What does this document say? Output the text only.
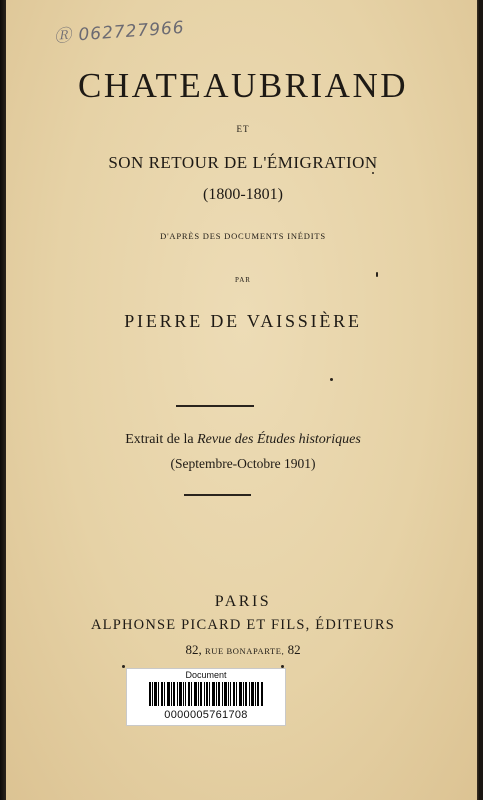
Ⓡ 062727966
CHATEAUBRIAND
ET
SON RETOUR DE L'ÉMIGRATION
(1800-1801)
D'APRÈS DES DOCUMENTS INÉDITS
PAR
PIERRE DE VAISSIÈRE
Extrait de la Revue des Études historiques
(Septembre-Octobre 1901)
PARIS
ALPHONSE PICARD ET FILS, ÉDITEURS
82, RUE BONAPARTE, 82
Document
0000005761708
